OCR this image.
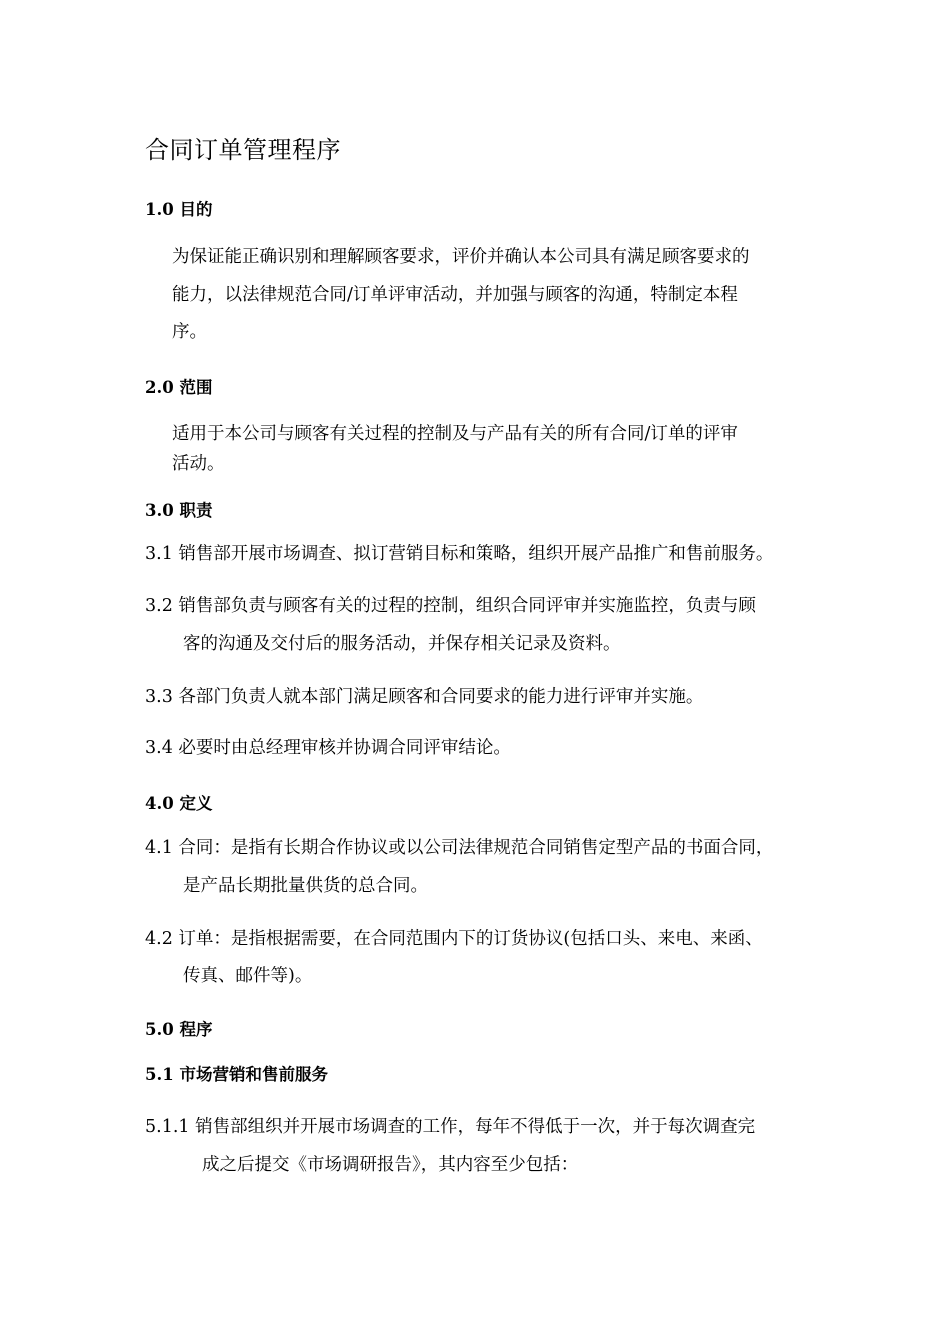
合同订单管理程序
1.0 目的
为保证能正确识别和理解顾客要求，评价并确认本公司具有满足顾客要求的
能力，以法律规范合同/订单评审活动，并加强与顾客的沟通，特制定本程
序。
2.0 范围
适用于本公司与顾客有关过程的控制及与产品有关的所有合同/订单的评审
活动。
3.0 职责
3.1 销售部开展市场调查、拟订营销目标和策略，组织开展产品推广和售前服务。
3.2 销售部负责与顾客有关的过程的控制，组织合同评审并实施监控，负责与顾
客的沟通及交付后的服务活动，并保存相关记录及资料。
3.3 各部门负责人就本部门满足顾客和合同要求的能力进行评审并实施。
3.4 必要时由总经理审核并协调合同评审结论。
4.0 定义
4.1 合同：是指有长期合作协议或以公司法律规范合同销售定型产品的书面合同，
是产品长期批量供货的总合同。
4.2 订单：是指根据需要，在合同范围内下的订货协议(包括口头、来电、来函、
传真、邮件等)。
5.0 程序
5.1 市场营销和售前服务
5.1.1 销售部组织并开展市场调查的工作，每年不得低于一次，并于每次调查完
成之后提交《市场调研报告》，其内容至少包括：
